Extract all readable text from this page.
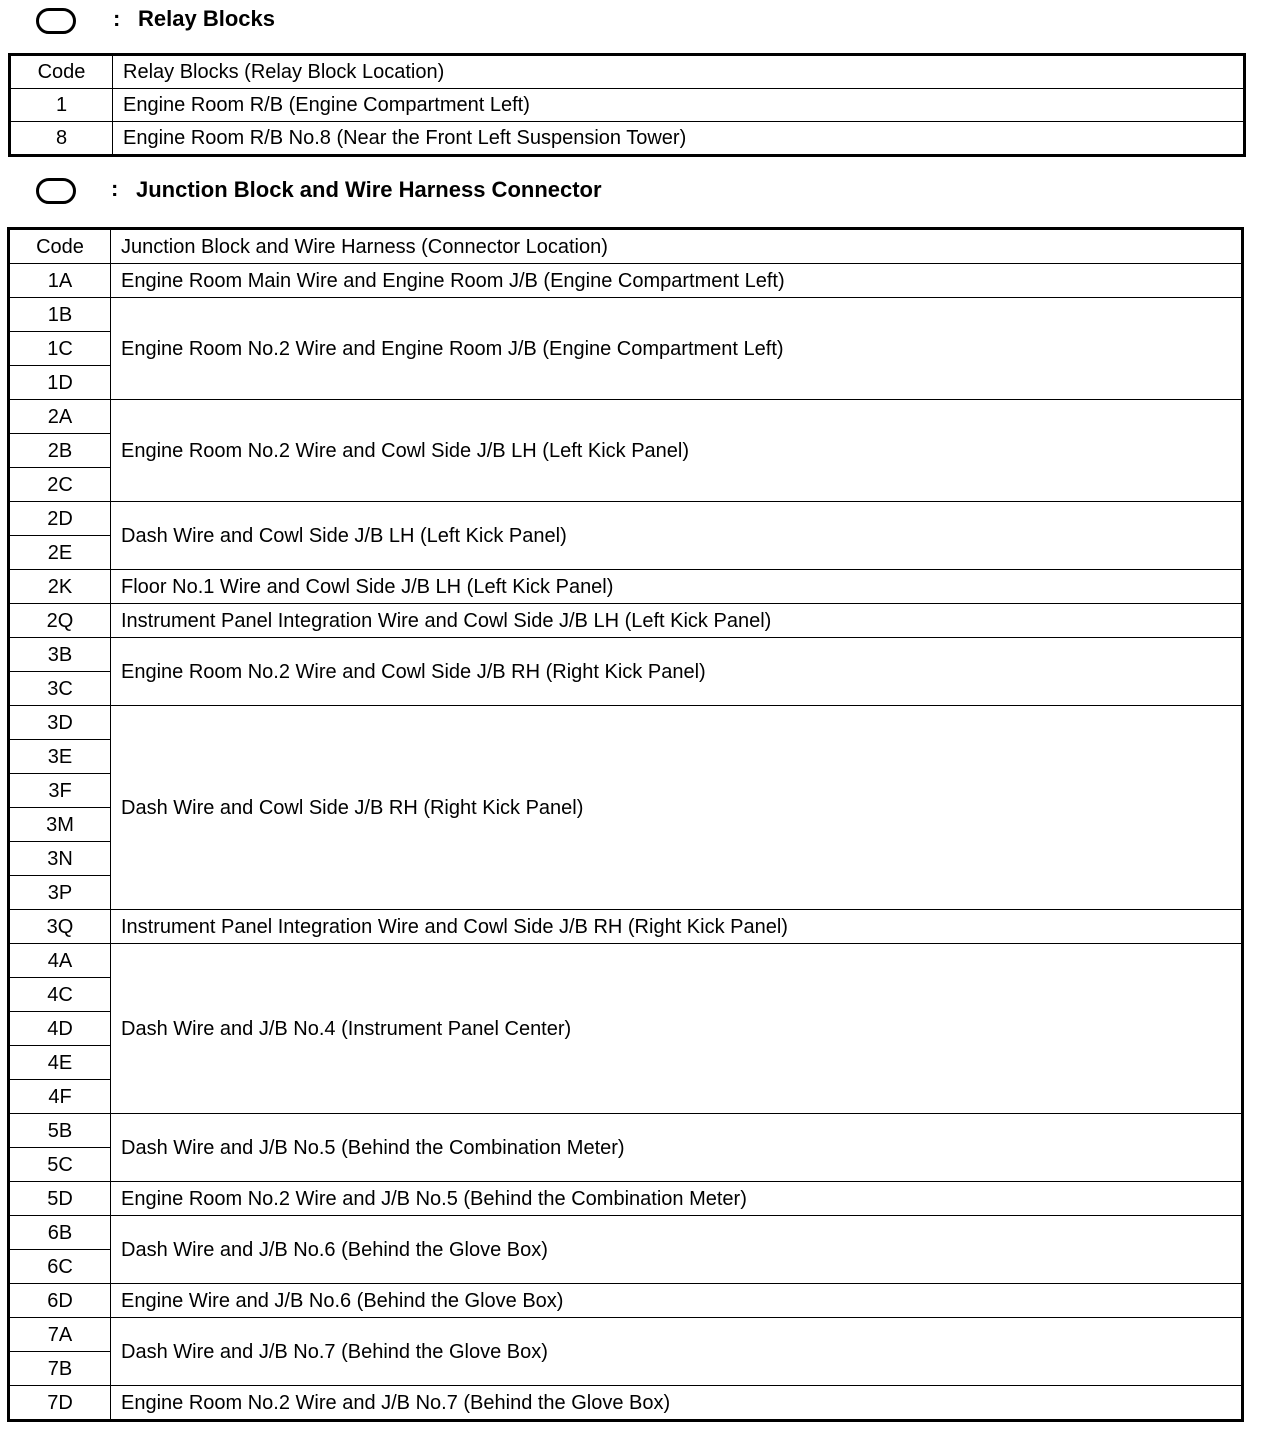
: Relay Blocks
Code	Relay Blocks (Relay Block Location)
1	Engine Room R/B (Engine Compartment Left)
8	Engine Room R/B No.8 (Near the Front Left Suspension Tower)
: Junction Block and Wire Harness Connector
Code	Junction Block and Wire Harness (Connector Location)
1A	Engine Room Main Wire and Engine Room J/B (Engine Compartment Left)
1B	Engine Room No.2 Wire and Engine Room J/B (Engine Compartment Left)
1C	
1D	
2A	Engine Room No.2 Wire and Cowl Side J/B LH (Left Kick Panel)
2B	
2C	
2D	Dash Wire and Cowl Side J/B LH (Left Kick Panel)
2E	
2K	Floor No.1 Wire and Cowl Side J/B LH (Left Kick Panel)
2Q	Instrument Panel Integration Wire and Cowl Side J/B LH (Left Kick Panel)
3B	Engine Room No.2 Wire and Cowl Side J/B RH (Right Kick Panel)
3C	
3D	Dash Wire and Cowl Side J/B RH (Right Kick Panel)
3E	
3F	
3M	
3N	
3P	
3Q	Instrument Panel Integration Wire and Cowl Side J/B RH (Right Kick Panel)
4A	Dash Wire and J/B No.4 (Instrument Panel Center)
4C	
4D	
4E	
4F	
5B	Dash Wire and J/B No.5 (Behind the Combination Meter)
5C	
5D	Engine Room No.2 Wire and J/B No.5 (Behind the Combination Meter)
6B	Dash Wire and J/B No.6 (Behind the Glove Box)
6C	
6D	Engine Wire and J/B No.6 (Behind the Glove Box)
7A	Dash Wire and J/B No.7 (Behind the Glove Box)
7B	
7D	Engine Room No.2 Wire and J/B No.7 (Behind the Glove Box)
